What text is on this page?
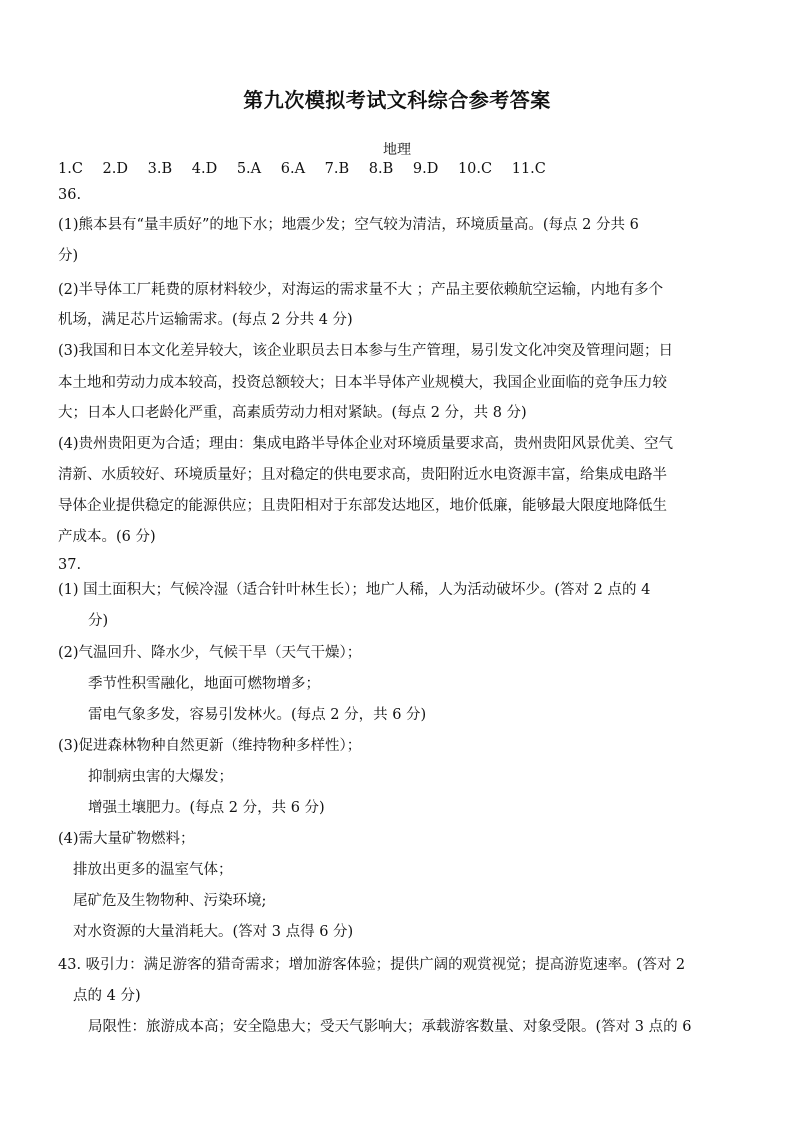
第九次模拟考试文科综合参考答案
地理
1.C 2.D 3.B 4.D 5.A 6.A 7.B 8.B 9.D 10.C 11.C
36.
(1)熊本县有“量丰质好”的地下水；地震少发；空气较为清洁，环境质量高。(每点 2 分共 6
分)
(2)半导体工厂耗费的原材料较少，对海运的需求量不大 ；产品主要依赖航空运输，内地有多个
机场，满足芯片运输需求。(每点 2 分共 4 分)
(3)我国和日本文化差异较大，该企业职员去日本参与生产管理，易引发文化冲突及管理问题；日
本土地和劳动力成本较高，投资总额较大；日本半导体产业规模大，我国企业面临的竞争压力较
大；日本人口老龄化严重，高素质劳动力相对紧缺。(每点 2 分，共 8 分)
(4)贵州贵阳更为合适；理由：集成电路半导体企业对环境质量要求高，贵州贵阳风景优美、空气
清新、水质较好、环境质量好；且对稳定的供电要求高，贵阳附近水电资源丰富，给集成电路半
导体企业提供稳定的能源供应；且贵阳相对于东部发达地区，地价低廉，能够最大限度地降低生
产成本。(6 分)
37.
(1) 国土面积大；气候冷湿（适合针叶林生长）；地广人稀，人为活动破坏少。(答对 2 点的 4
分)
(2)气温回升、降水少，气候干旱（天气干燥）；
季节性积雪融化，地面可燃物增多；
雷电气象多发，容易引发林火。(每点 2 分，共 6 分)
(3)促进森林物种自然更新（维持物种多样性）；
抑制病虫害的大爆发；
增强土壤肥力。(每点 2 分，共 6 分)
(4)需大量矿物燃料；
排放出更多的温室气体；
尾矿危及生物物种、污染环境;
对水资源的大量消耗大。(答对 3 点得 6 分)
43. 吸引力：满足游客的猎奇需求；增加游客体验；提供广阔的观赏视觉；提高游览速率。(答对 2
点的 4 分)
局限性：旅游成本高；安全隐患大；受天气影响大；承载游客数量、对象受限。(答对 3 点的 6
